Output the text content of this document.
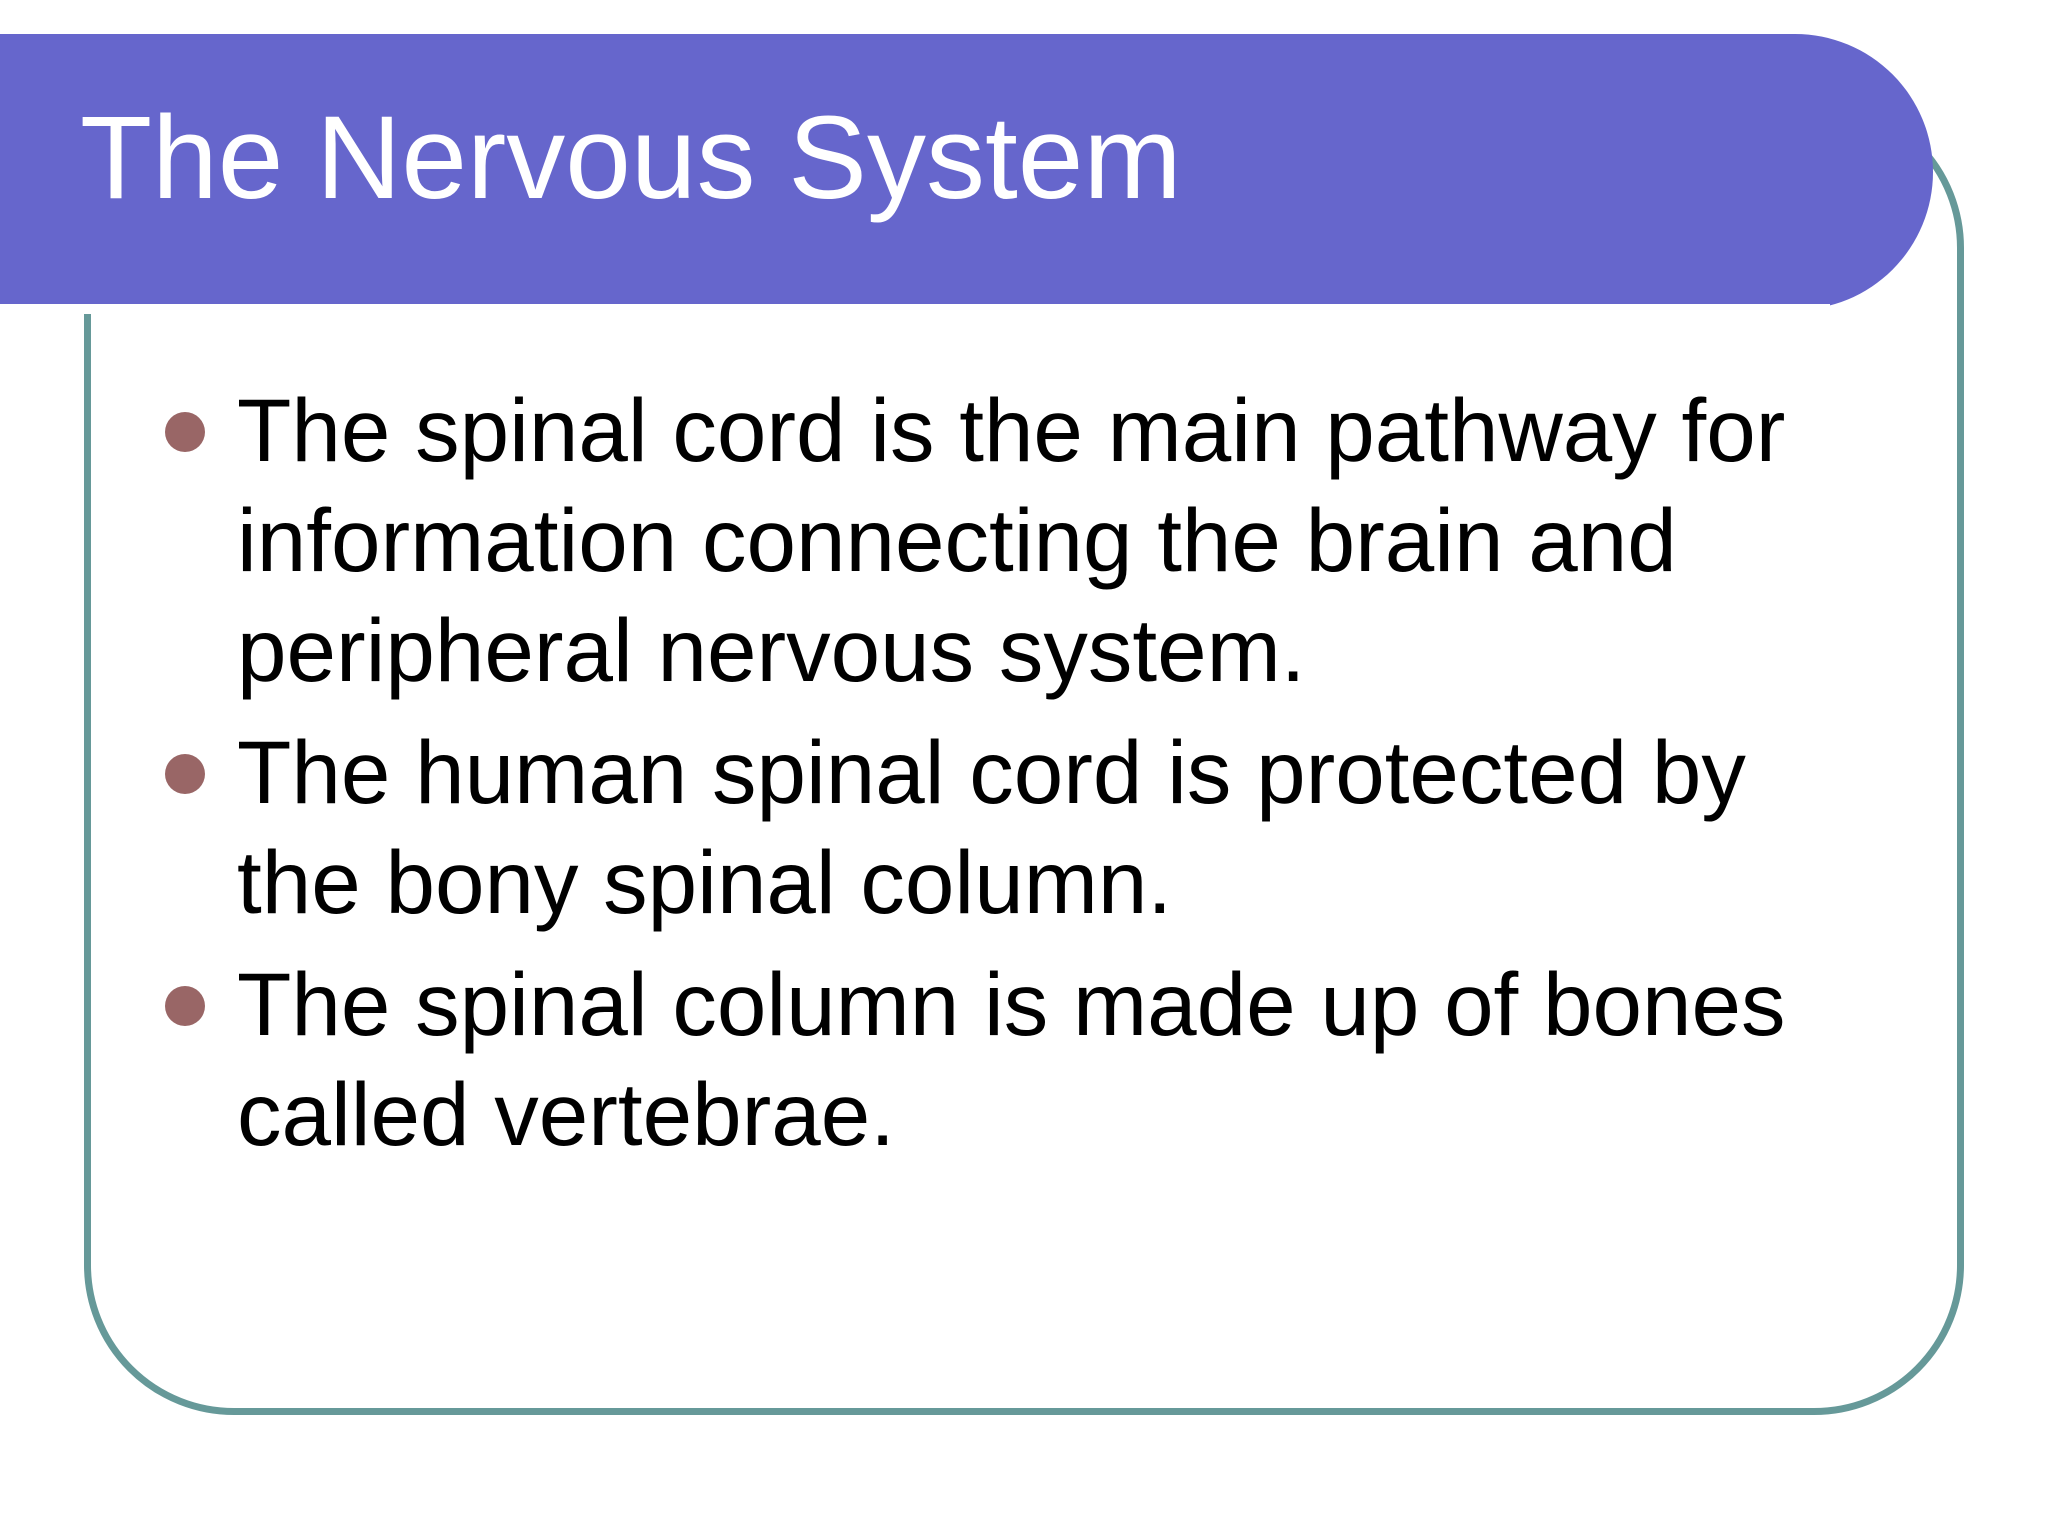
The Nervous System
The spinal cord is the main pathway for information connecting the brain and peripheral nervous system.
The human spinal cord is protected by the bony spinal column.
The spinal column is made up of bones called vertebrae.
